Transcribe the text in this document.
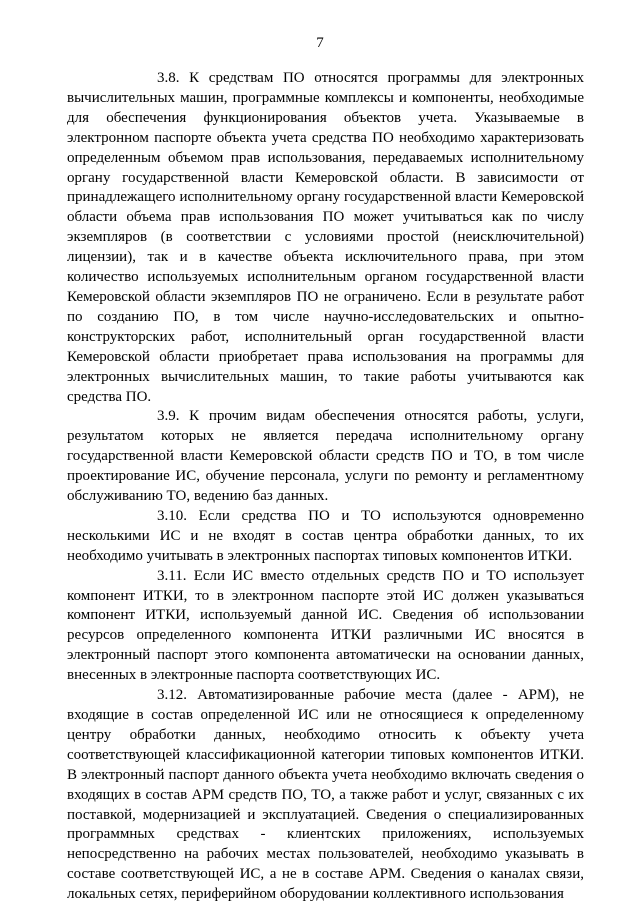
7

3.8. К средствам ПО относятся программы для электронных вычислительных машин, программные комплексы и компоненты, необходимые для обеспечения функционирования объектов учета. Указываемые в электронном паспорте объекта учета средства ПО необходимо характеризовать определенным объемом прав использования, передаваемых исполнительному органу государственной власти Кемеровской области. В зависимости от принадлежащего исполнительному органу государственной власти Кемеровской области объема прав использования ПО может учитываться как по числу экземпляров (в соответствии с условиями простой (неисключительной) лицензии), так и в качестве объекта исключительного права, при этом количество используемых исполнительным органом государственной власти Кемеровской области экземпляров ПО не ограничено. Если в результате работ по созданию ПО, в том числе научно-исследовательских и опытно-конструкторских работ, исполнительный орган государственной власти Кемеровской области приобретает права использования на программы для электронных вычислительных машин, то такие работы учитываются как средства ПО.

3.9. К прочим видам обеспечения относятся работы, услуги, результатом которых не является передача исполнительному органу государственной власти Кемеровской области средств ПО и ТО, в том числе проектирование ИС, обучение персонала, услуги по ремонту и регламентному обслуживанию ТО, ведению баз данных.

3.10. Если средства ПО и ТО используются одновременно несколькими ИС и не входят в состав центра обработки данных, то их необходимо учитывать в электронных паспортах типовых компонентов ИТКИ.

3.11. Если ИС вместо отдельных средств ПО и ТО использует компонент ИТКИ, то в электронном паспорте этой ИС должен указываться компонент ИТКИ, используемый данной ИС. Сведения об использовании ресурсов определенного компонента ИТКИ различными ИС вносятся в электронный паспорт этого компонента автоматически на основании данных, внесенных в электронные паспорта соответствующих ИС.

3.12. Автоматизированные рабочие места (далее - АРМ), не входящие в состав определенной ИС или не относящиеся к определенному центру обработки данных, необходимо относить к объекту учета соответствующей классификационной категории типовых компонентов ИТКИ. В электронный паспорт данного объекта учета необходимо включать сведения о входящих в состав АРМ средств ПО, ТО, а также работ и услуг, связанных с их поставкой, модернизацией и эксплуатацией. Сведения о специализированных программных средствах - клиентских приложениях, используемых непосредственно на рабочих местах пользователей, необходимо указывать в составе соответствующей ИС, а не в составе АРМ. Сведения о каналах связи, локальных сетях, периферийном оборудовании коллективного использования
